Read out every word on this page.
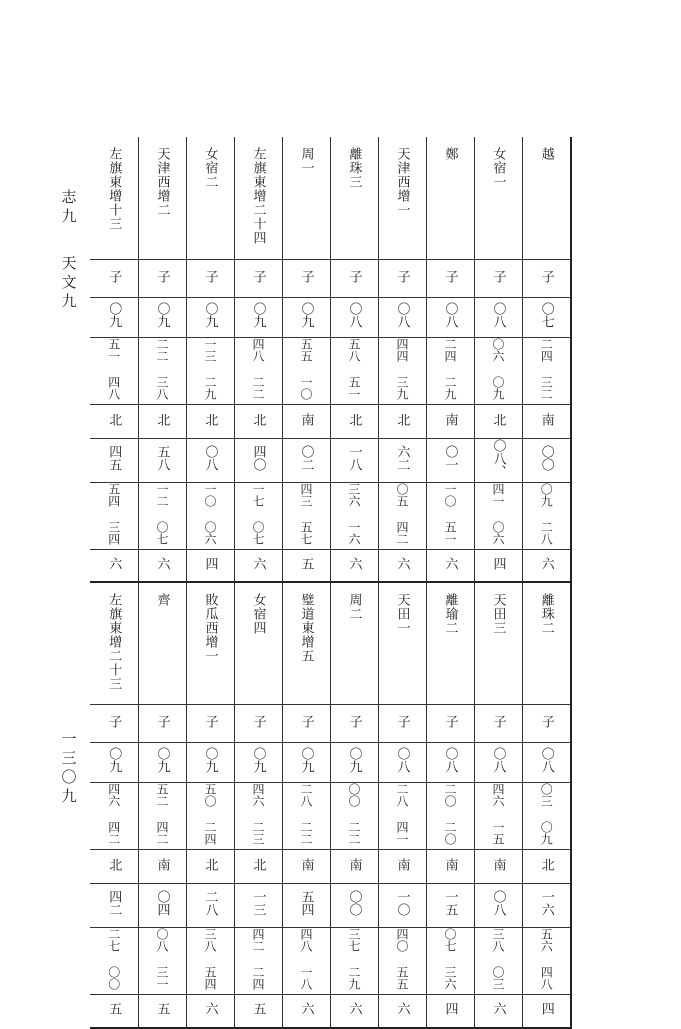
志九
天文九
一三〇九
左旗東增十三	天津西增二	女宿二	左旗東增二十四	周一	離珠三	天津西增一	鄭	女宿一	越
子	子	子	子	子	子	子	子	子	子
〇九	〇九	〇九	〇九	〇九	〇八	〇八	〇八	〇八	〇七
五一 四八	二二 三八	一三 二九	四八 二二	五五 一〇	五八 五一	四四 三九	二四 二九	〇六 〇九	二四 三二
北	北	北	北	南	北	北	南	北	南
四五	五八	〇八	四〇	〇二	一八	六二	〇一	〇八、	〇〇
五四 三四	一二 〇七	一〇 〇六	一七 〇七	四三 五七	三六 一六	〇五 四二	一〇 五一	四一 〇六	〇九 二八
六	六	四	六	五	六	六	六	四	六
左旗東增二十三	齊	敗瓜西增一	女宿四	璧道東增五	周二	天田一	離瑜二	天田三	離珠二
子	子	子	子	子	子	子	子	子	子
〇九	〇九	〇九	〇九	〇九	〇九	〇八	〇八	〇八	〇八
四六 四二	五二 四二	五〇 二四	四六 二三	二八 二二	〇〇 二二	二八 四一	二〇 二〇	四六 一五	〇三 〇九
北	南	北	北	南	南	南	南	南	北
四二	〇四	二八	一三	五四	〇〇	一〇	一五	〇八	一六
二七 〇〇	〇八 三一	三八 五四	四二 二四	四八 一八	三七 二九	四〇 五五	〇七 三六	三八 〇三	五六 四八
五	五	六	五	六	六	六	四	六	四
